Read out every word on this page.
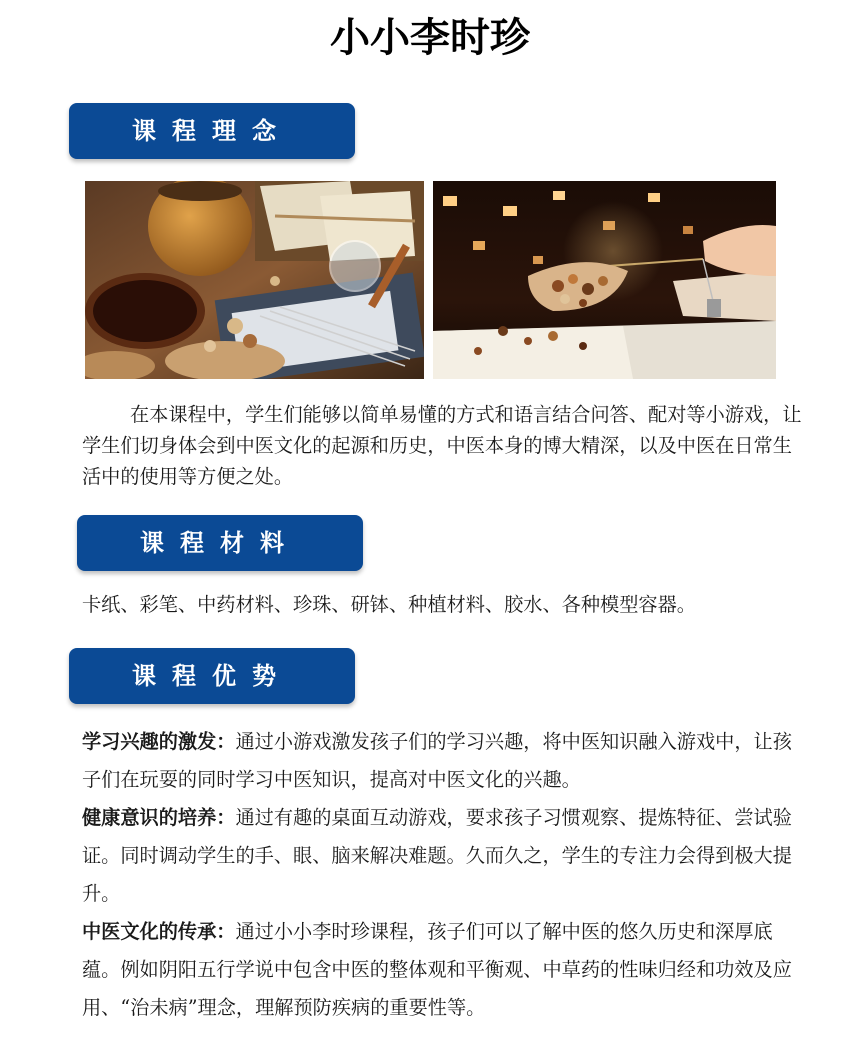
小小李时珍
课程理念

在本课程中，学生们能够以简单易懂的方式和语言结合问答、配对等小游戏，让学生们切身体会到中医文化的起源和历史，中医本身的博大精深，以及中医在日常生活中的使用等方便之处。

课程材料

卡纸、彩笔、中药材料、珍珠、研钵、种植材料、胶水、各种模型容器。

课程优势

学习兴趣的激发：通过小游戏激发孩子们的学习兴趣，将中医知识融入游戏中，让孩子们在玩耍的同时学习中医知识，提高对中医文化的兴趣。

健康意识的培养：通过有趣的桌面互动游戏，要求孩子习惯观察、提炼特征、尝试验证。同时调动学生的手、眼、脑来解决难题。久而久之，学生的专注力会得到极大提升。

中医文化的传承：通过小小李时珍课程，孩子们可以了解中医的悠久历史和深厚底蕴。例如阴阳五行学说中包含中医的整体观和平衡观、中草药的性味归经和功效及应用、“治未病”理念，理解预防疾病的重要性等。
